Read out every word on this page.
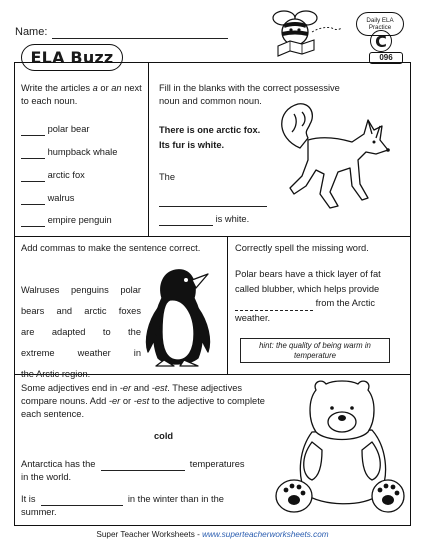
Name:
ELA Buzz
Daily ELA
Practice
C
096
Write the articles a or an next to each noun.
polar bear
humpback whale
arctic fox
walrus
empire penguin
Fill in the blanks with the correct possessive noun and common noun.
There is one arctic fox.
Its fur is white.
The
is white.
Add commas to make the sentence correct.
Walruses penguins polar
bears and arctic foxes
are adapted to the
extreme weather in
the Arctic region.
Correctly spell the missing word.
Polar bears have a thick layer of fat
called blubber, which helps provide
from the Arctic
weather.
hint: the quality of being warm in temperature
Some adjectives end in -er and -est. These adjectives
compare nouns. Add -er or -est to the adjective to complete
each sentence.
cold
Antarctica has the	temperatures
in the world.
It is	in the winter than in the
summer.
Super Teacher Worksheets - www.superteacherworksheets.com
